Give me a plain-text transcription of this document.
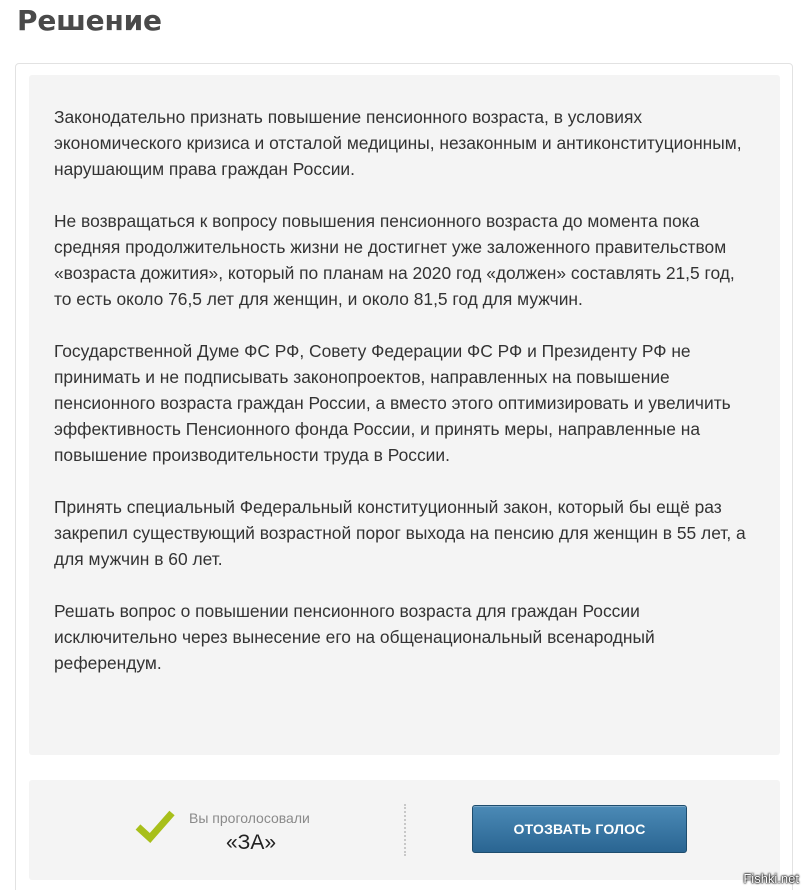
Решение

Законодательно признать повышение пенсионного возраста, в условиях экономического кризиса и отсталой медицины, незаконным и антиконституционным, нарушающим права граждан России.

Не возвращаться к вопросу повышения пенсионного возраста до момента пока средняя продолжительность жизни не достигнет уже заложенного правительством «возраста дожития», который по планам на 2020 год «должен» составлять 21,5 год, то есть около 76,5 лет для женщин, и около 81,5 год для мужчин.

Государственной Думе ФС РФ, Совету Федерации ФС РФ и Президенту РФ не принимать и не подписывать законопроектов, направленных на повышение пенсионного возраста граждан России, а вместо этого оптимизировать и увеличить эффективность Пенсионного фонда России, и принять меры, направленные на повышение производительности труда в России.

Принять специальный Федеральный конституционный закон, который бы ещё раз закрепил существующий возрастной порог выхода на пенсию для женщин в 55 лет, а для мужчин в 60 лет.

Решать вопрос о повышении пенсионного возраста для граждан России исключительно через вынесение его на общенациональный всенародный референдум.

Вы проголосовали
«ЗА»
ОТОЗВАТЬ ГОЛОС
Fishki.net
